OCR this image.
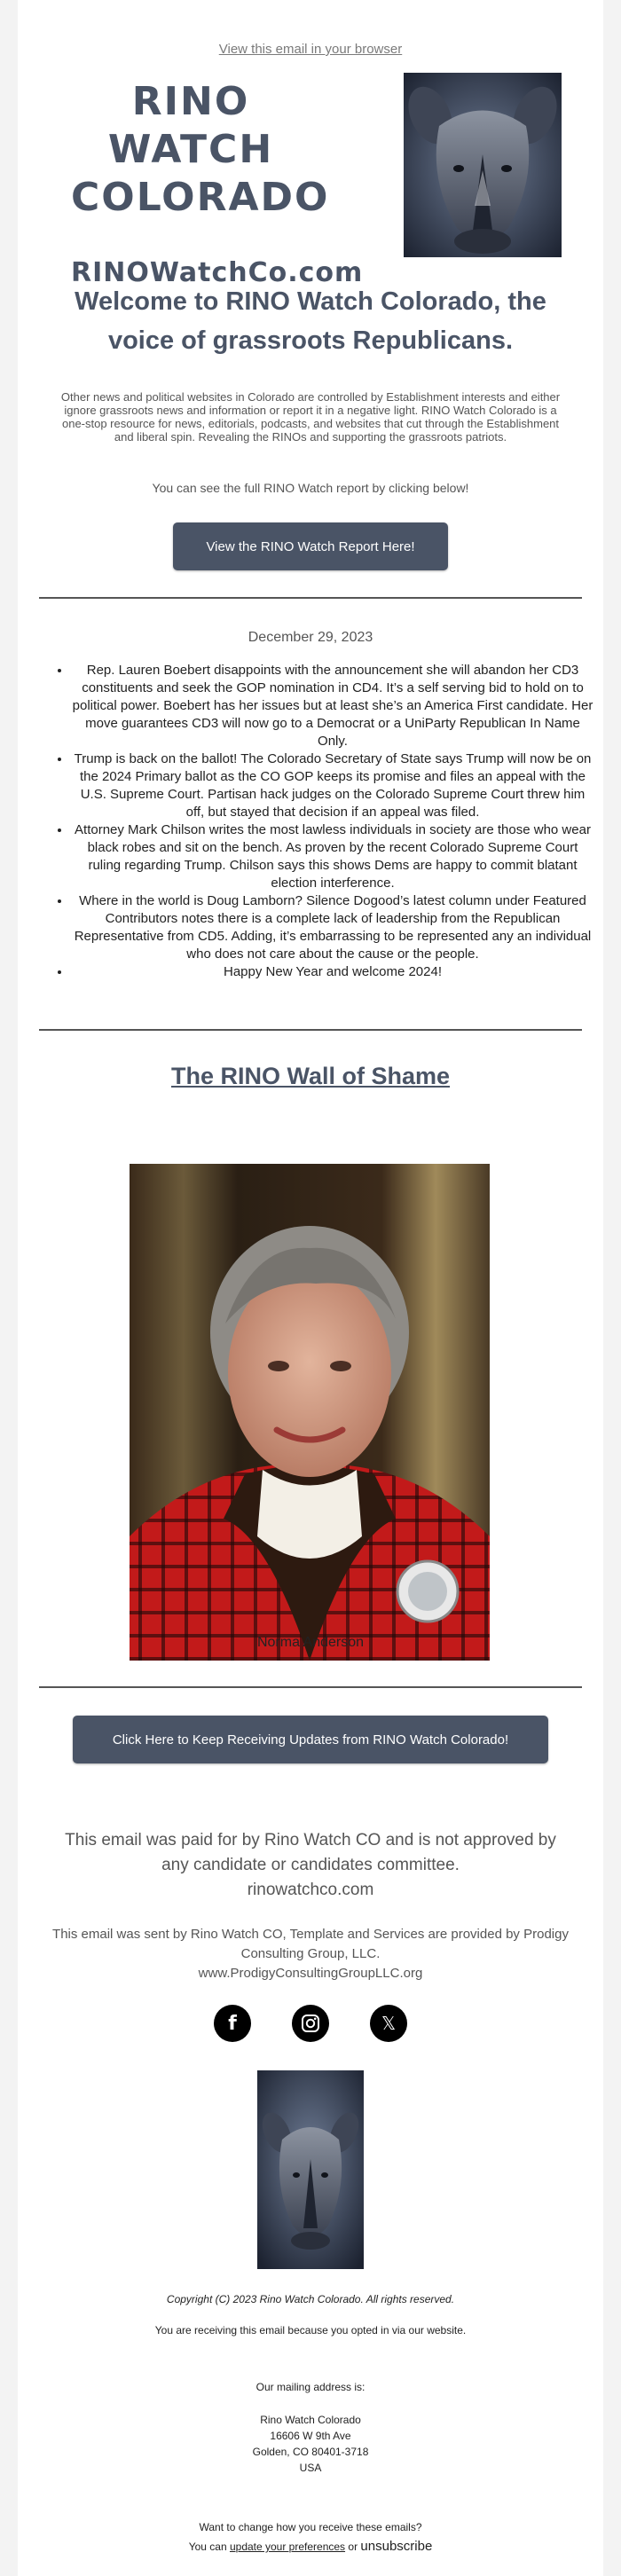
View this email in your browser
RINO WATCH
COLORADO
RINOWatchCo.com
Welcome to RINO Watch Colorado, the voice of grassroots Republicans.
Other news and political websites in Colorado are controlled by Establishment interests and either ignore grassroots news and information or report it in a negative light. RINO Watch Colorado is a one-stop resource for news, editorials, podcasts, and websites that cut through the Establishment and liberal spin. Revealing the RINOs and supporting the grassroots patriots.
You can see the full RINO Watch report by clicking below!
View the RINO Watch Report Here!
December 29, 2023
• Rep. Lauren Boebert disappoints with the announcement she will abandon her CD3 constituents and seek the GOP nomination in CD4. It’s a self serving bid to hold on to political power. Boebert has her issues but at least she’s an America First candidate. Her move guarantees CD3 will now go to a Democrat or a UniParty Republican In Name Only.
• Trump is back on the ballot! The Colorado Secretary of State says Trump will now be on the 2024 Primary ballot as the CO GOP keeps its promise and files an appeal with the U.S. Supreme Court. Partisan hack judges on the Colorado Supreme Court threw him off, but stayed that decision if an appeal was filed.
• Attorney Mark Chilson writes the most lawless individuals in society are those who wear black robes and sit on the bench. As proven by the recent Colorado Supreme Court ruling regarding Trump. Chilson says this shows Dems are happy to commit blatant election interference.
• Where in the world is Doug Lamborn? Silence Dogood’s latest column under Featured Contributors notes there is a complete lack of leadership from the Republican Representative from CD5. Adding, it’s embarrassing to be represented any an individual who does not care about the cause or the people.
• Happy New Year and welcome 2024!
The RINO Wall of Shame
Norma Anderson
Click Here to Keep Receiving Updates from RINO Watch Colorado!
This email was paid for by Rino Watch CO and is not approved by any candidate or candidates committee.
rinowatchco.com
This email was sent by Rino Watch CO, Template and Services are provided by Prodigy Consulting Group, LLC.
www.ProdigyConsultingGroupLLC.org
f	𝕏
Copyright (C) 2023 Rino Watch Colorado. All rights reserved.
You are receiving this email because you opted in via our website.
Our mailing address is:
Rino Watch Colorado
16606 W 9th Ave
Golden, CO 80401-3718
USA
Want to change how you receive these emails?
You can update your preferences or unsubscribe
